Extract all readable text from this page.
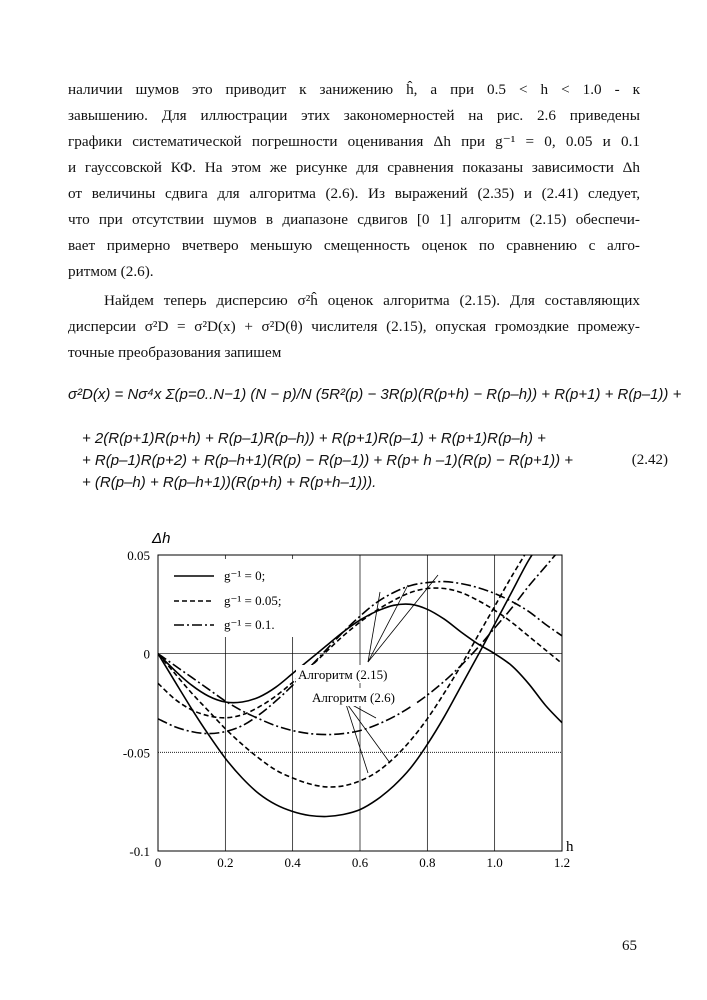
наличии шумов это приводит к занижению ĥ, а при 0.5 < h < 1.0 - к
завышению. Для иллюстрации этих закономерностей на рис. 2.6 приведены
графики систематической погрешности оценивания Δh при g⁻¹ = 0, 0.05 и 0.1
и гауссовской КФ. На этом же рисунке для сравнения показаны зависимости Δh
от величины сдвига для алгоритма (2.6). Из выражений (2.35) и (2.41) следует,
что при отсутствии шумов в диапазоне сдвигов [0 1] алгоритм (2.15) обеспечи-
вает примерно вчетверо меньшую смещенность оценок по сравнению с алго-
ритмом (2.6).
Найдем теперь дисперсию σ²ĥ оценок алгоритма (2.15). Для составляющих
дисперсии σ²D = σ²D(x) + σ²D(θ) числителя (2.15), опуская громоздкие промежу-
точные преобразования запишем
σ²D(x) = Nσ⁴x Σ(p=0..N−1) (N − p)/N (5R²(p) − 3R(p)(R(p+h) − R(p–h)) + R(p+1) + R(p–1)) +
+ 2(R(p+1)R(p+h) + R(p–1)R(p–h)) + R(p+1)R(p–1) + R(p+1)R(p–h) +
+ R(p–1)R(p+2) + R(p–h+1)(R(p) − R(p–1)) + R(p+ h –1)(R(p) − R(p+1)) +
+ (R(p–h) + R(p–h+1))(R(p+h) + R(p+h–1))).
(2.42)
0	0.2	0.4	0.6	0.8	1.0	1.2
0.05
0
-0.05
-0.1
Δh
h
g⁻¹ = 0;
g⁻¹ = 0.05;
g⁻¹ = 0.1.
Алгоритм (2.15)
Алгоритм (2.6)
65
